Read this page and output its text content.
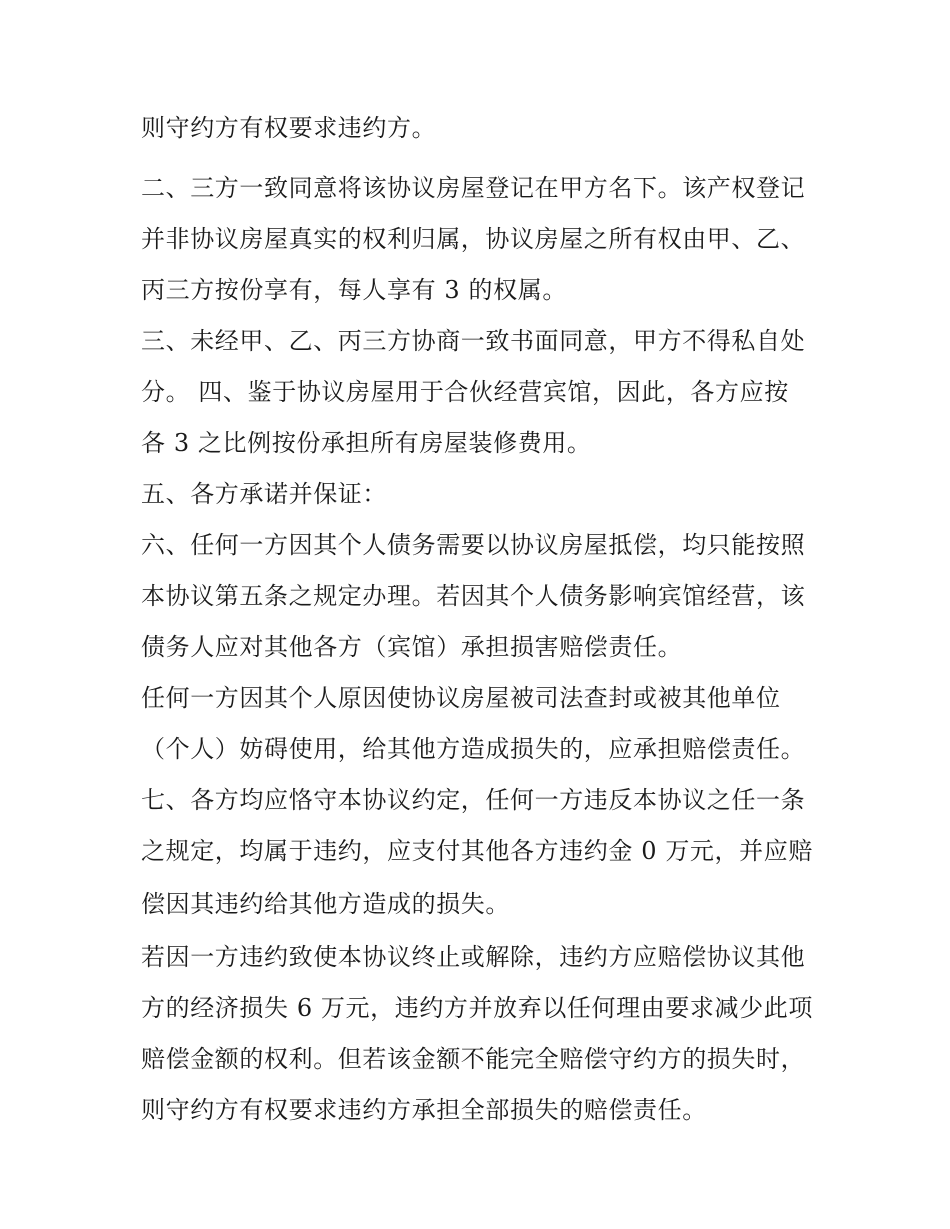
则守约方有权要求违约方。

二、三方一致同意将该协议房屋登记在甲方名下。该产权登记

并非协议房屋真实的权利归属，协议房屋之所有权由甲、乙、

丙三方按份享有，每人享有 3 的权属。

三、未经甲、乙、丙三方协商一致书面同意，甲方不得私自处

分。 四、鉴于协议房屋用于合伙经营宾馆，因此，各方应按

各 3 之比例按份承担所有房屋装修费用。

五、各方承诺并保证：

六、任何一方因其个人债务需要以协议房屋抵偿，均只能按照

本协议第五条之规定办理。若因其个人债务影响宾馆经营，该

债务人应对其他各方（宾馆）承担损害赔偿责任。

任何一方因其个人原因使协议房屋被司法查封或被其他单位

（个人）妨碍使用，给其他方造成损失的，应承担赔偿责任。

七、各方均应恪守本协议约定，任何一方违反本协议之任一条

之规定，均属于违约，应支付其他各方违约金 0 万元，并应赔

偿因其违约给其他方造成的损失。

若因一方违约致使本协议终止或解除，违约方应赔偿协议其他

方的经济损失 6 万元，违约方并放弃以任何理由要求减少此项

赔偿金额的权利。但若该金额不能完全赔偿守约方的损失时，

则守约方有权要求违约方承担全部损失的赔偿责任。
